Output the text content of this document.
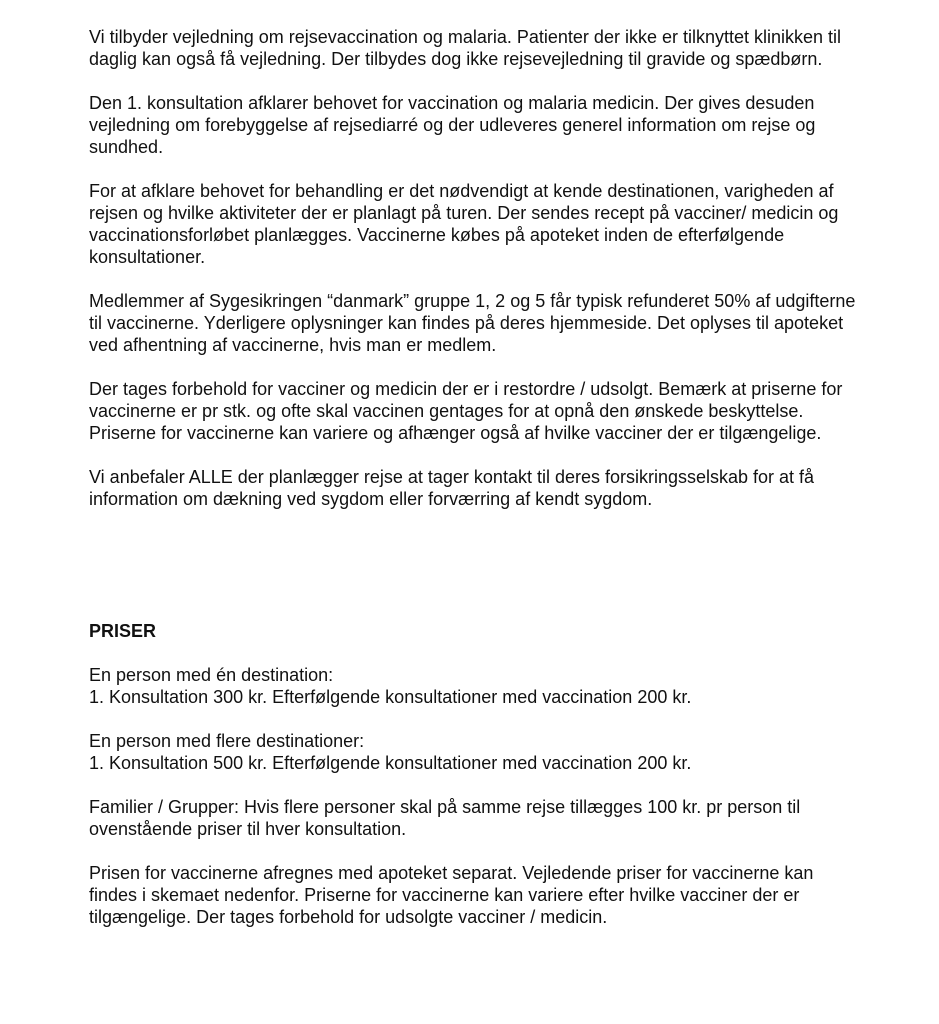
Vi tilbyder vejledning om rejsevaccination og malaria. Patienter der ikke er tilknyttet klinikken til daglig kan også få vejledning. Der tilbydes dog ikke rejsevejledning til gravide og spædbørn.

Den 1. konsultation afklarer behovet for vaccination og malaria medicin. Der gives desuden vejledning om forebyggelse af rejsediarré og der udleveres generel information om rejse og sundhed.

For at afklare behovet for behandling er det nødvendigt at kende destinationen, varigheden af rejsen og hvilke aktiviteter der er planlagt på turen. Der sendes recept på vacciner/ medicin og vaccinationsforløbet planlægges. Vaccinerne købes på apoteket inden de efterfølgende konsultationer.

Medlemmer af Sygesikringen “danmark” gruppe 1, 2 og 5 får typisk refunderet 50% af udgifterne til vaccinerne. Yderligere oplysninger kan findes på deres hjemmeside. Det oplyses til apoteket ved afhentning af vaccinerne, hvis man er medlem.

Der tages forbehold for vacciner og medicin der er i restordre / udsolgt. Bemærk at priserne for vaccinerne er pr stk. og ofte skal vaccinen gentages for at opnå den ønskede beskyttelse. Priserne for vaccinerne kan variere og afhænger også af hvilke vacciner der er tilgængelige.

Vi anbefaler ALLE der planlægger rejse at tager kontakt til deres forsikringsselskab for at få information om dækning ved sygdom eller forværring af kendt sygdom.

PRISER

En person med én destination:
1. Konsultation 300 kr. Efterfølgende konsultationer med vaccination 200 kr.

En person med flere destinationer:
1. Konsultation 500 kr. Efterfølgende konsultationer med vaccination 200 kr.

Familier / Grupper: Hvis flere personer skal på samme rejse tillægges 100 kr. pr person til ovenstående priser til hver konsultation.

Prisen for vaccinerne afregnes med apoteket separat. Vejledende priser for vaccinerne kan findes i skemaet nedenfor. Priserne for vaccinerne kan variere efter hvilke vacciner der er tilgængelige. Der tages forbehold for udsolgte vacciner / medicin.
